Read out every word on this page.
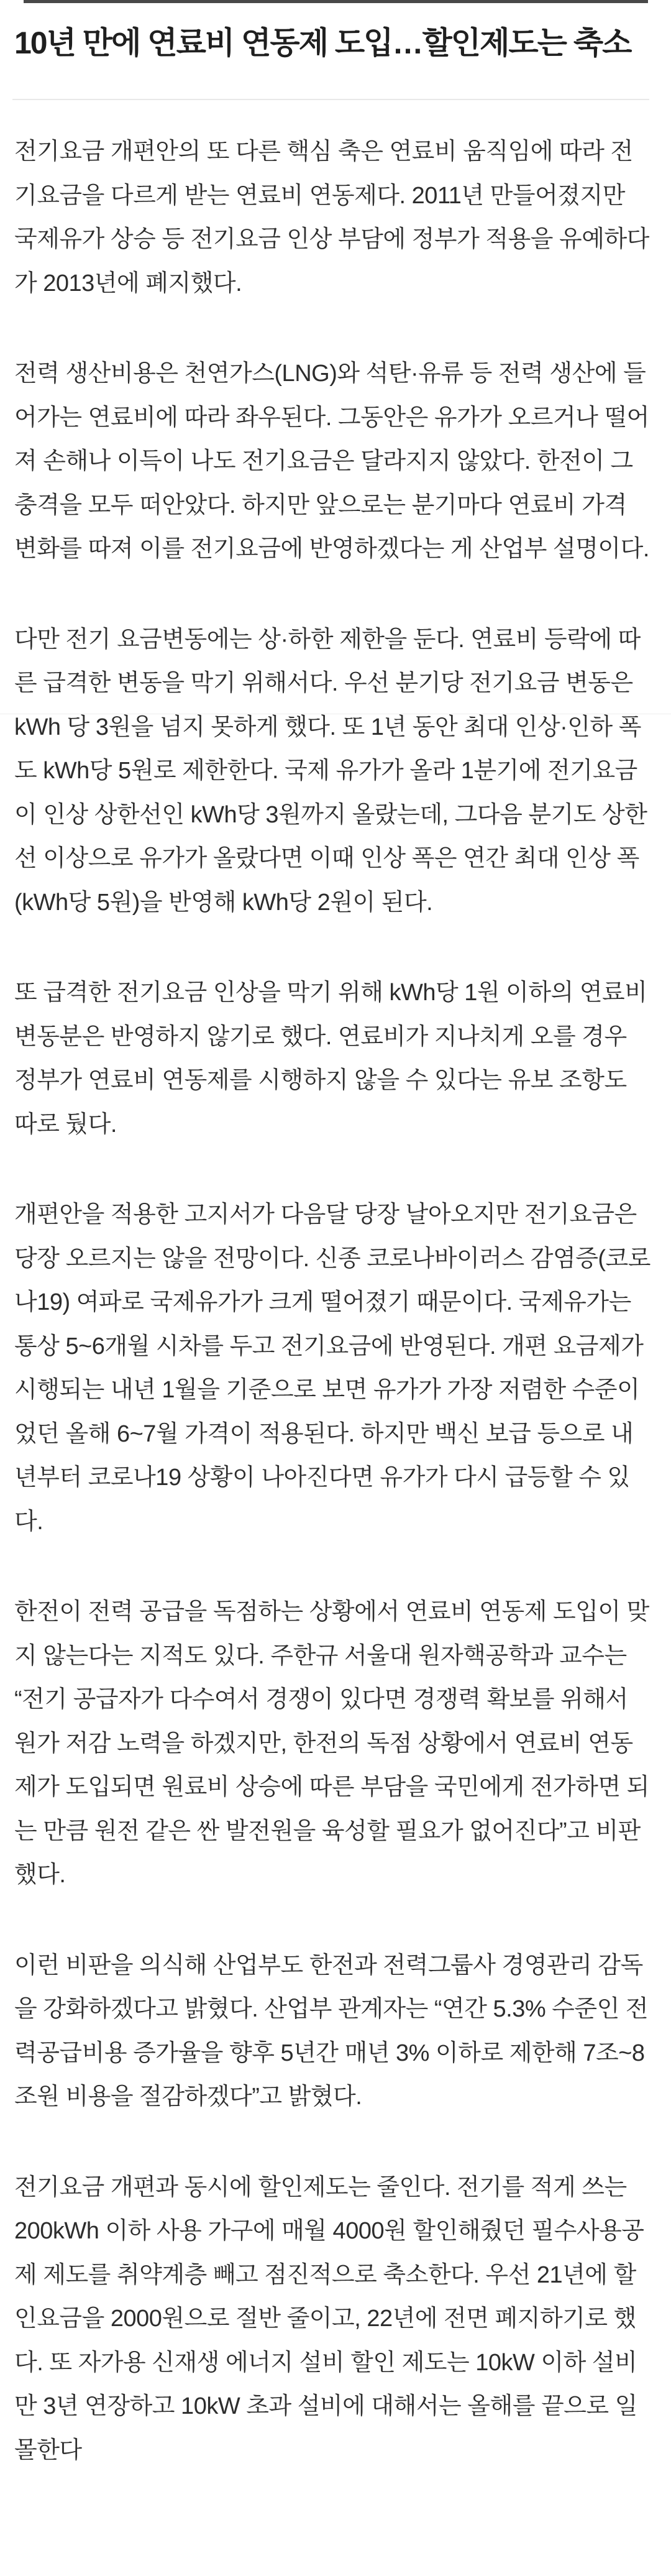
10년 만에 연료비 연동제 도입…할인제도는 축소

전기요금 개편안의 또 다른 핵심 축은 연료비 움직임에 따라 전기요금을 다르게 받는 연료비 연동제다. 2011년 만들어졌지만 국제유가 상승 등 전기요금 인상 부담에 정부가 적용을 유예하다가 2013년에 폐지했다.

전력 생산비용은 천연가스(LNG)와 석탄·유류 등 전력 생산에 들어가는 연료비에 따라 좌우된다. 그동안은 유가가 오르거나 떨어져 손해나 이득이 나도 전기요금은 달라지지 않았다. 한전이 그 충격을 모두 떠안았다. 하지만 앞으로는 분기마다 연료비 가격 변화를 따져 이를 전기요금에 반영하겠다는 게 산업부 설명이다.

다만 전기 요금변동에는 상·하한 제한을 둔다. 연료비 등락에 따른 급격한 변동을 막기 위해서다. 우선 분기당 전기요금 변동은 kWh 당 3원을 넘지 못하게 했다. 또 1년 동안 최대 인상·인하 폭도 kWh당 5원로 제한한다. 국제 유가가 올라 1분기에 전기요금이 인상 상한선인 kWh당 3원까지 올랐는데, 그다음 분기도 상한선 이상으로 유가가 올랐다면 이때 인상 폭은 연간 최대 인상 폭(kWh당 5원)을 반영해 kWh당 2원이 된다.

또 급격한 전기요금 인상을 막기 위해 kWh당 1원 이하의 연료비 변동분은 반영하지 않기로 했다. 연료비가 지나치게 오를 경우 정부가 연료비 연동제를 시행하지 않을 수 있다는 유보 조항도 따로 뒀다.

개편안을 적용한 고지서가 다음달 당장 날아오지만 전기요금은 당장 오르지는 않을 전망이다. 신종 코로나바이러스 감염증(코로나19) 여파로 국제유가가 크게 떨어졌기 때문이다. 국제유가는 통상 5~6개월 시차를 두고 전기요금에 반영된다. 개편 요금제가 시행되는 내년 1월을 기준으로 보면 유가가 가장 저렴한 수준이었던 올해 6~7월 가격이 적용된다. 하지만 백신 보급 등으로 내년부터 코로나19 상황이 나아진다면 유가가 다시 급등할 수 있다.

한전이 전력 공급을 독점하는 상황에서 연료비 연동제 도입이 맞지 않는다는 지적도 있다. 주한규 서울대 원자핵공학과 교수는 “전기 공급자가 다수여서 경쟁이 있다면 경쟁력 확보를 위해서 원가 저감 노력을 하겠지만, 한전의 독점 상황에서 연료비 연동제가 도입되면 원료비 상승에 따른 부담을 국민에게 전가하면 되는 만큼 원전 같은 싼 발전원을 육성할 필요가 없어진다”고 비판했다.

이런 비판을 의식해 산업부도 한전과 전력그룹사 경영관리 감독을 강화하겠다고 밝혔다. 산업부 관계자는 “연간 5.3% 수준인 전력공급비용 증가율을 향후 5년간 매년 3% 이하로 제한해 7조~8조원 비용을 절감하겠다”고 밝혔다.

전기요금 개편과 동시에 할인제도는 줄인다. 전기를 적게 쓰는 200kWh 이하 사용 가구에 매월 4000원 할인해줬던 필수사용공제 제도를 취약계층 빼고 점진적으로 축소한다. 우선 21년에 할인요금을 2000원으로 절반 줄이고, 22년에 전면 폐지하기로 했다. 또 자가용 신재생 에너지 설비 할인 제도는 10kW 이하 설비만 3년 연장하고 10kW 초과 설비에 대해서는 올해를 끝으로 일몰한다
